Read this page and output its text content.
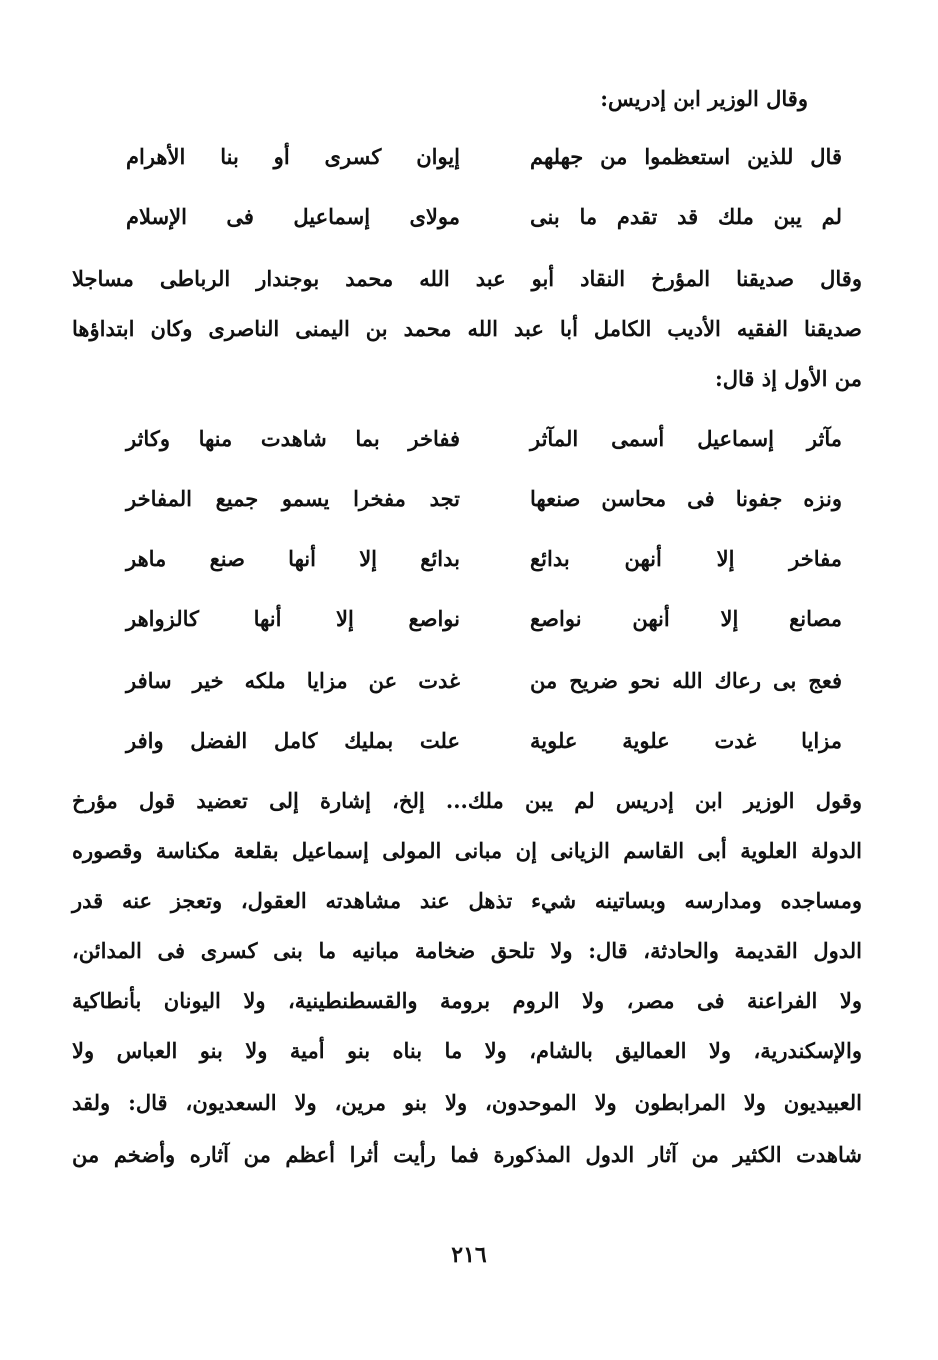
وقال الوزير ابن إدريس:
قال للذين استعظموا من جهلهم
إيوان كسرى أو بنا الأهرام
لم يبن ملك قد تقدم ما بنى
مولاى إسماعيل فى الإسلام
وقال صديقنا المؤرخ النقاد أبو عبد الله محمد بوجندار الرباطى مساجلا
صديقنا الفقيه الأديب الكامل أبا عبد الله محمد بن اليمنى الناصرى وكان ابتداؤها
من الأول إذ قال:
مآثر إسماعيل أسمى المآثر
ففاخر بما شاهدت منها وكاثر
ونزه جفونا فى محاسن صنعها
تجد مفخرا يسمو جميع المفاخر
مفاخر إلا أنهن بدائع
بدائع إلا أنها صنع ماهر
مصانع إلا أنهن نواصع
نواصع إلا أنها كالزواهر
فعج بى رعاك الله نحو ضريح من
غدت عن مزايا ملكه خير سافر
مزايا غدت علوية علوية
علت بمليك كامل الفضل وافر
وقول الوزير ابن إدريس لم يبن ملك... إلخ، إشارة إلى تعضيد قول مؤرخ
الدولة العلوية أبى القاسم الزيانى إن مبانى المولى إسماعيل بقلعة مكناسة وقصوره
ومساجده ومدارسه وبساتينه شيء تذهل عند مشاهدته العقول، وتعجز عنه قدر
الدول القديمة والحادثة، قال: ولا تلحق ضخامة مبانيه ما بنى كسرى فى المدائن،
ولا الفراعنة فى مصر، ولا الروم برومة والقسطنطينية، ولا اليونان بأنطاكية
والإسكندرية، ولا العماليق بالشام، ولا ما بناه بنو أمية ولا بنو العباس ولا
العبيديون ولا المرابطون ولا الموحدون، ولا بنو مرين، ولا السعديون، قال: ولقد
شاهدت الكثير من آثار الدول المذكورة فما رأيت أثرا أعظم من آثاره وأضخم من
٢١٦
